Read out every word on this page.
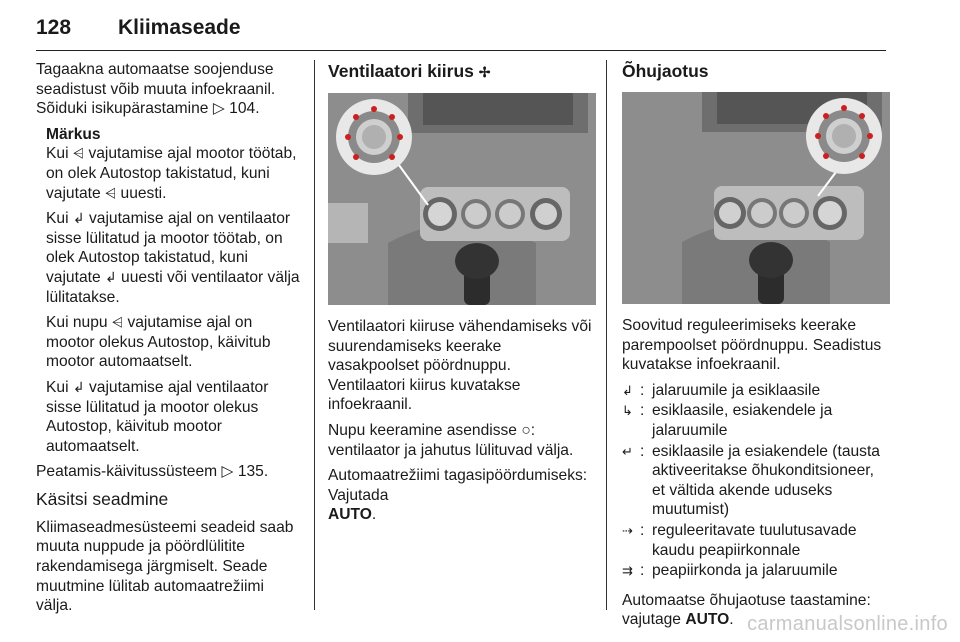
128 Kliimaseade

Tagaakna automaatse soojenduse seadistust võib muuta infoekraanil.
Sõiduki isikupärastamine ▷ 104.

Märkus

Kui ⩤ vajutamise ajal mootor töötab, on olek Autostop takistatud, kuni vajutate ⩤ uuesti.

Kui ↲ vajutamise ajal on ventilaator sisse lülitatud ja mootor töötab, on olek Autostop takistatud, kuni vajutate ↲ uuesti või ventilaator välja lülitatakse.

Kui nupu ⩤ vajutamise ajal on mootor olekus Autostop, käivitub mootor automaatselt.

Kui ↲ vajutamise ajal ventilaator sisse lülitatud ja mootor olekus Autostop, käivitub mootor automaatselt.

Peatamis-käivitussüsteem ▷ 135.

Käsitsi seadmine

Kliimaseadmesüsteemi seadeid saab muuta nuppude ja pöördlülitite rakendamisega järgmiselt. Seade muutmine lülitab automaatrežiimi välja.

Ventilaatori kiirus ✢

Ventilaatori kiiruse vähendamiseks või suurendamiseks keerake vasakpoolset pöördnuppu. Ventilaatori kiirus kuvatakse infoekraanil.

Nupu keeramine asendisse ○: ventilaator ja jahutus lülituvad välja.

Automaatrežiimi tagasipöördumiseks: Vajutada
AUTO.

Õhujaotus

Soovitud reguleerimiseks keerake parempoolset pöördnuppu. Seadistus kuvatakse infoekraanil.

↲ : jalaruumile ja esiklaasile
↳ : esiklaasile, esiakendele ja jalaruumile
↵ : esiklaasile ja esiakendele (tausta aktiveeritakse õhukonditsioneer, et vältida akende uduseks muutumist)
⇢ : reguleeritavate tuulutusavade kaudu peapiirkonnale
⇉ : peapiirkonda ja jalaruumile

Automaatse õhujaotuse taastamine: vajutage AUTO. carmanualsonline.info
